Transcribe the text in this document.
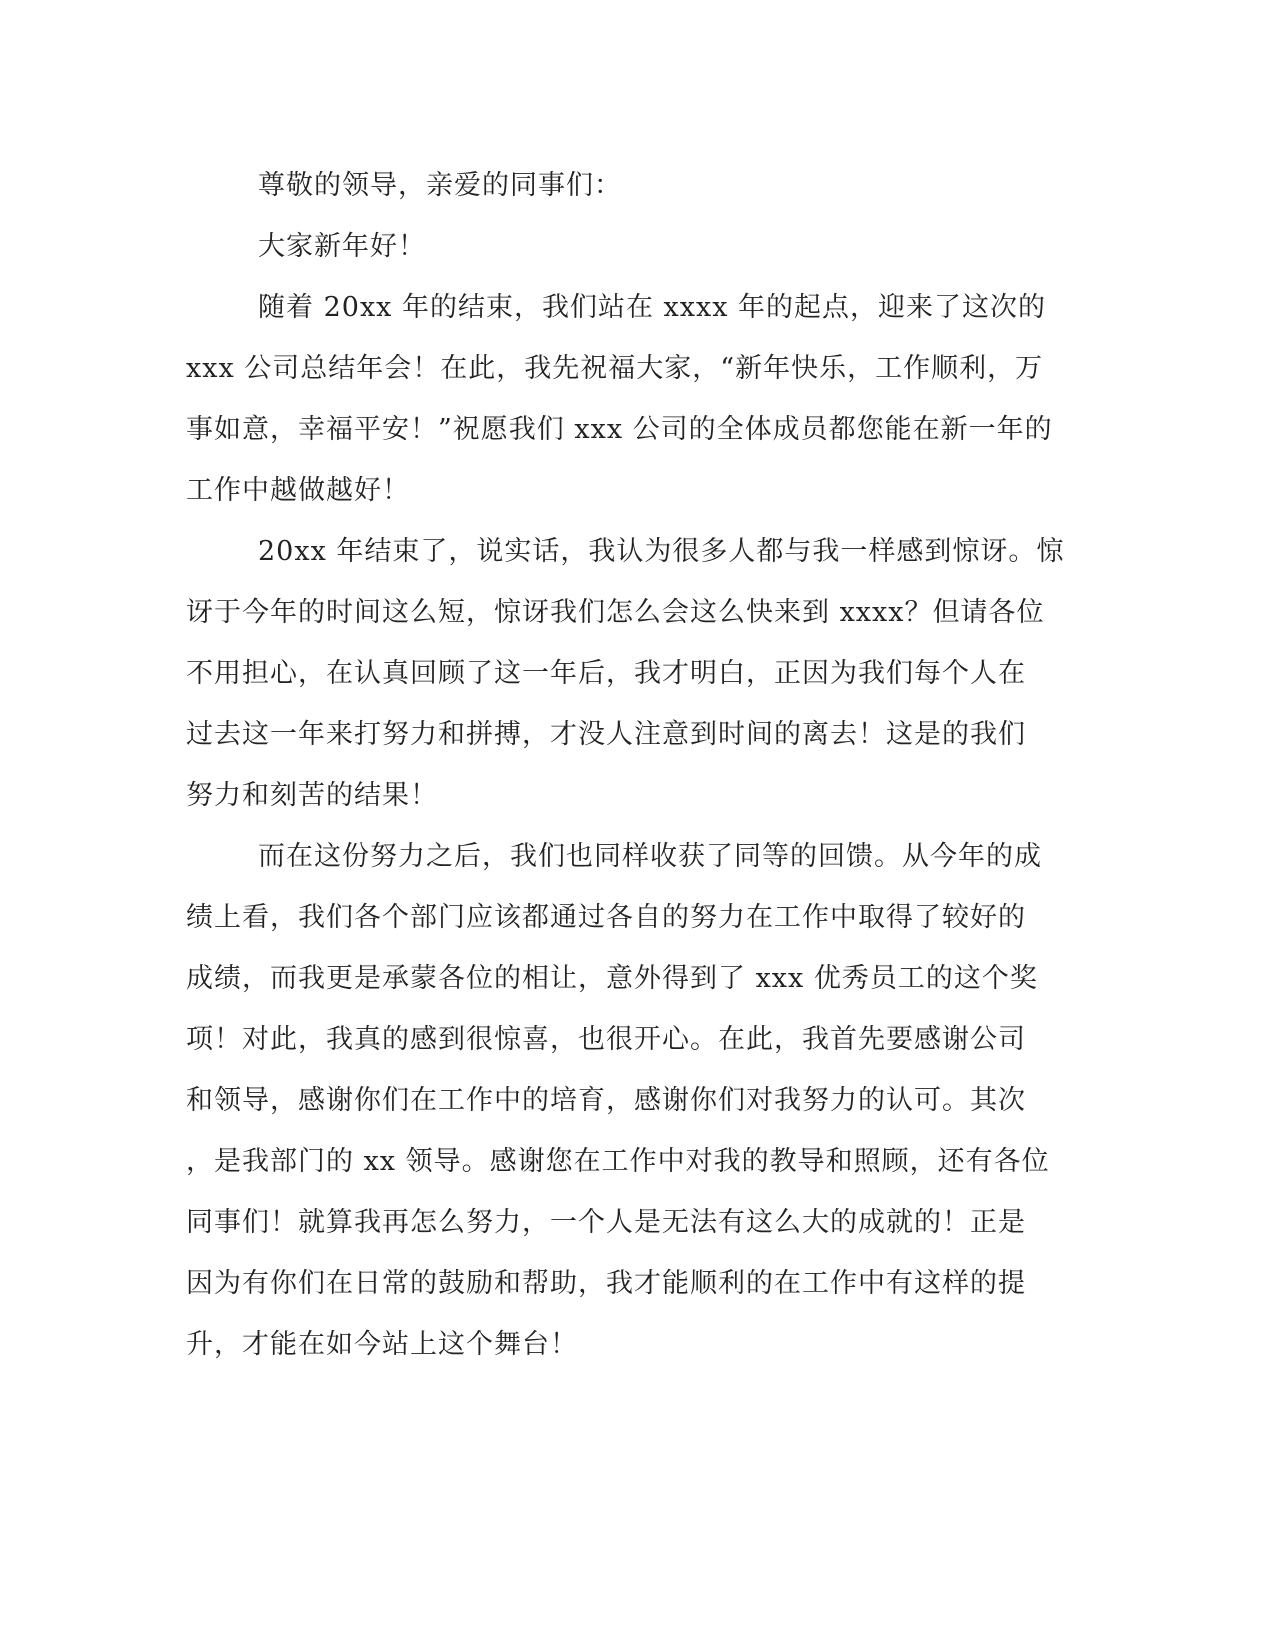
尊敬的领导，亲爱的同事们：
大家新年好！
随着 20xx 年的结束，我们站在 xxxx 年的起点，迎来了这次的
xxx 公司总结年会！在此，我先祝福大家，“新年快乐，工作顺利，万
事如意，幸福平安！”祝愿我们 xxx 公司的全体成员都您能在新一年的
工作中越做越好！
20xx 年结束了，说实话，我认为很多人都与我一样感到惊讶。惊
讶于今年的时间这么短，惊讶我们怎么会这么快来到 xxxx？但请各位
不用担心，在认真回顾了这一年后，我才明白，正因为我们每个人在
过去这一年来打努力和拼搏，才没人注意到时间的离去！这是的我们
努力和刻苦的结果！
而在这份努力之后，我们也同样收获了同等的回馈。从今年的成
绩上看，我们各个部门应该都通过各自的努力在工作中取得了较好的
成绩，而我更是承蒙各位的相让，意外得到了 xxx 优秀员工的这个奖
项！对此，我真的感到很惊喜，也很开心。在此，我首先要感谢公司
和领导，感谢你们在工作中的培育，感谢你们对我努力的认可。其次
，是我部门的 xx 领导。感谢您在工作中对我的教导和照顾，还有各位
同事们！就算我再怎么努力，一个人是无法有这么大的成就的！正是
因为有你们在日常的鼓励和帮助，我才能顺利的在工作中有这样的提
升，才能在如今站上这个舞台！
